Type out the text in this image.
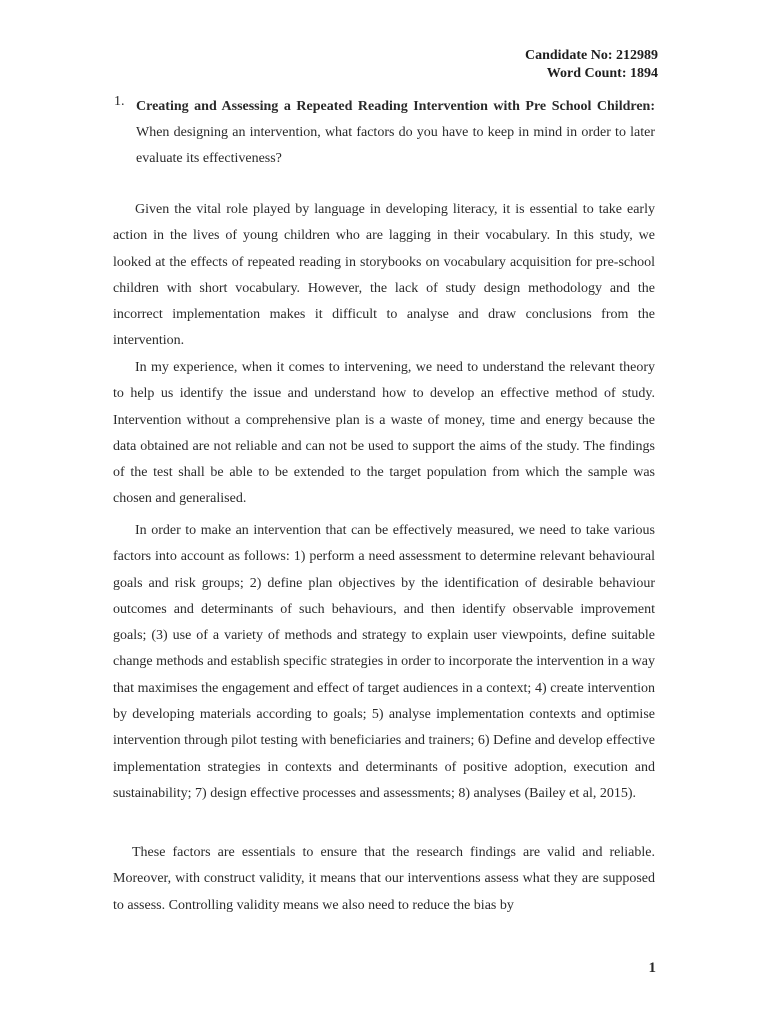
Candidate No: 212989
Word Count: 1894
1. Creating and Assessing a Repeated Reading Intervention with Pre School Children: When designing an intervention, what factors do you have to keep in mind in order to later evaluate its effectiveness?

Given the vital role played by language in developing literacy, it is essential to take early action in the lives of young children who are lagging in their vocabulary. In this study, we looked at the effects of repeated reading in storybooks on vocabulary acquisition for pre-school children with short vocabulary. However, the lack of study design methodology and the incorrect implementation makes it difficult to analyse and draw conclusions from the intervention.

In my experience, when it comes to intervening, we need to understand the relevant theory to help us identify the issue and understand how to develop an effective method of study. Intervention without a comprehensive plan is a waste of money, time and energy because the data obtained are not reliable and can not be used to support the aims of the study. The findings of the test shall be able to be extended to the target population from which the sample was chosen and generalised.

In order to make an intervention that can be effectively measured, we need to take various factors into account as follows: 1) perform a need assessment to determine relevant behavioural goals and risk groups; 2) define plan objectives by the identification of desirable behaviour outcomes and determinants of such behaviours, and then identify observable improvement goals; (3) use of a variety of methods and strategy to explain user viewpoints, define suitable change methods and establish specific strategies in order to incorporate the intervention in a way that maximises the engagement and effect of target audiences in a context; 4) create intervention by developing materials according to goals; 5) analyse implementation contexts and optimise intervention through pilot testing with beneficiaries and trainers; 6) Define and develop effective implementation strategies in contexts and determinants of positive adoption, execution and sustainability; 7) design effective processes and assessments; 8) analyses (Bailey et al, 2015).

These factors are essentials to ensure that the research findings are valid and reliable. Moreover, with construct validity, it means that our interventions assess what they are supposed to assess. Controlling validity means we also need to reduce the bias by

1
